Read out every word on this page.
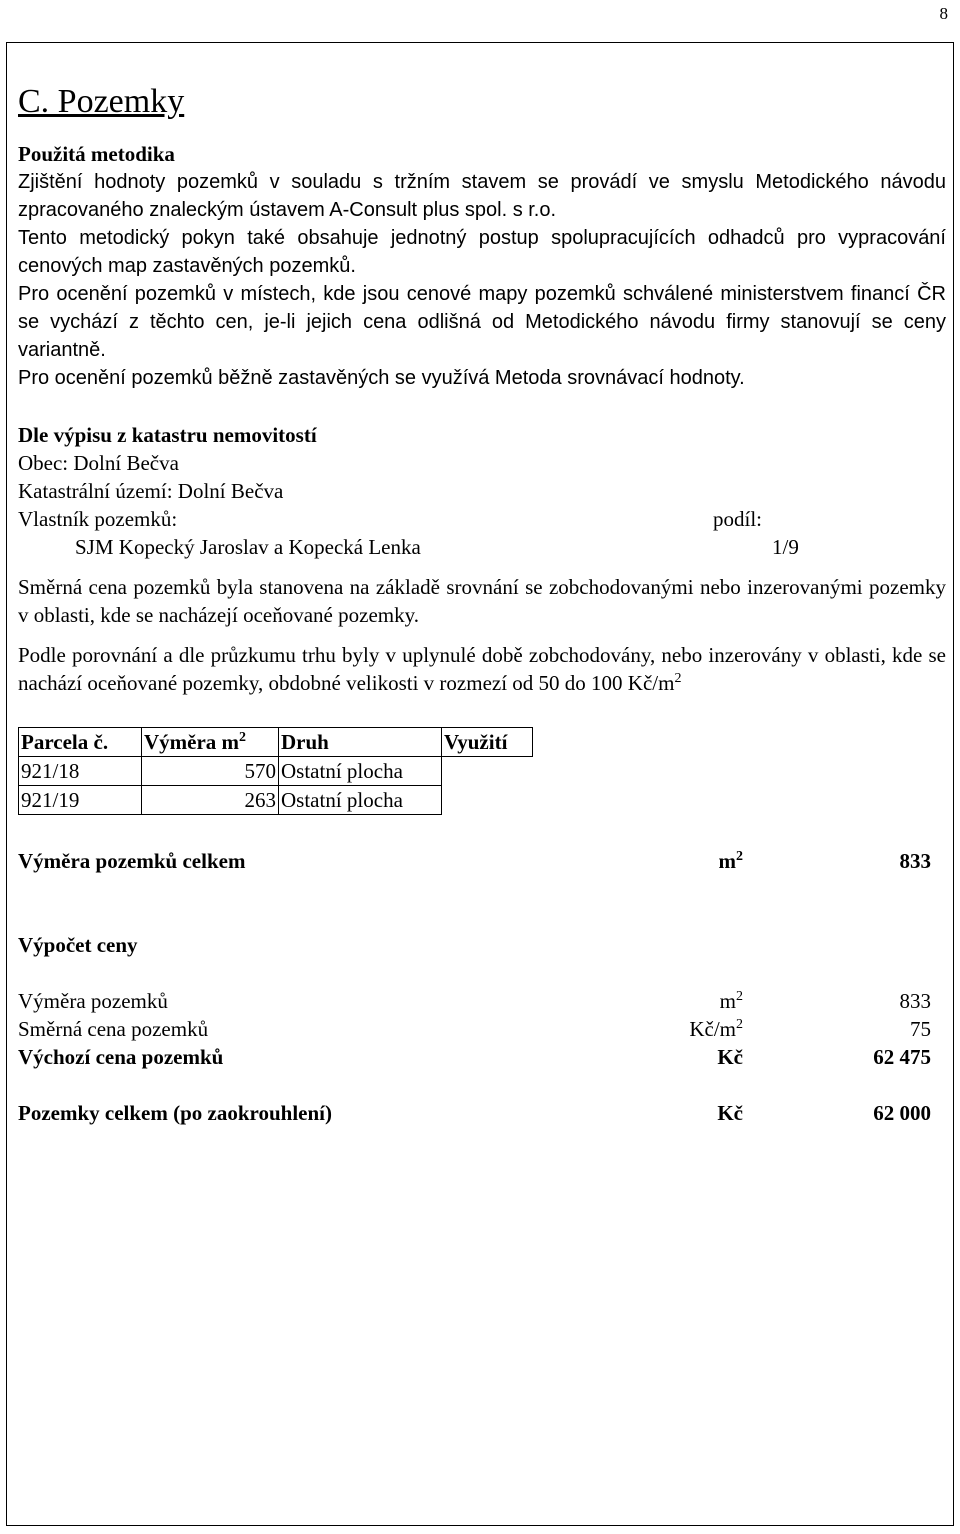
8
C. Pozemky

Použitá metodika

Zjištění hodnoty pozemků v souladu s tržním stavem se provádí ve smyslu Metodického návodu zpracovaného znaleckým ústavem A-Consult plus spol. s r.o.

Tento metodický pokyn také obsahuje jednotný postup spolupracujících odhadců pro vypracování cenových map zastavěných pozemků.

Pro ocenění pozemků v místech, kde jsou cenové mapy pozemků schválené ministerstvem financí ČR se vychází z těchto cen, je-li jejich cena odlišná od Metodického návodu firmy stanovují se ceny variantně.

Pro ocenění pozemků běžně zastavěných se využívá Metoda srovnávací hodnoty.

Dle výpisu z katastru nemovitostí

Obec: Dolní Bečva

Katastrální území: Dolní Bečva

Vlastník pozemků:	podíl:
SJM Kopecký Jaroslav a Kopecká Lenka	1/9

Směrná cena pozemků byla stanovena na základě srovnání se zobchodovanými nebo inzerovanými pozemky v oblasti, kde se nacházejí oceňované pozemky.

Podle porovnání a dle průzkumu trhu byly v uplynulé době zobchodovány, nebo inzerovány v oblasti, kde se nachází oceňované pozemky, obdobné velikosti v rozmezí od 50 do 100 $Kč/m^2$

Parcela č.	Výměra $m^2$	Druh	Využití
921/18	570	Ostatní plocha	
921/19	263	Ostatní plocha	
Výměra pozemků celkem	$m^2$	833

Výpočet ceny

Výměra pozemků	$m^2$	833
Směrná cena pozemků	$Kč/m^2$	75
Výchozí cena pozemků	Kč	62 475
Pozemky celkem (po zaokrouhlení)	Kč	62 000
